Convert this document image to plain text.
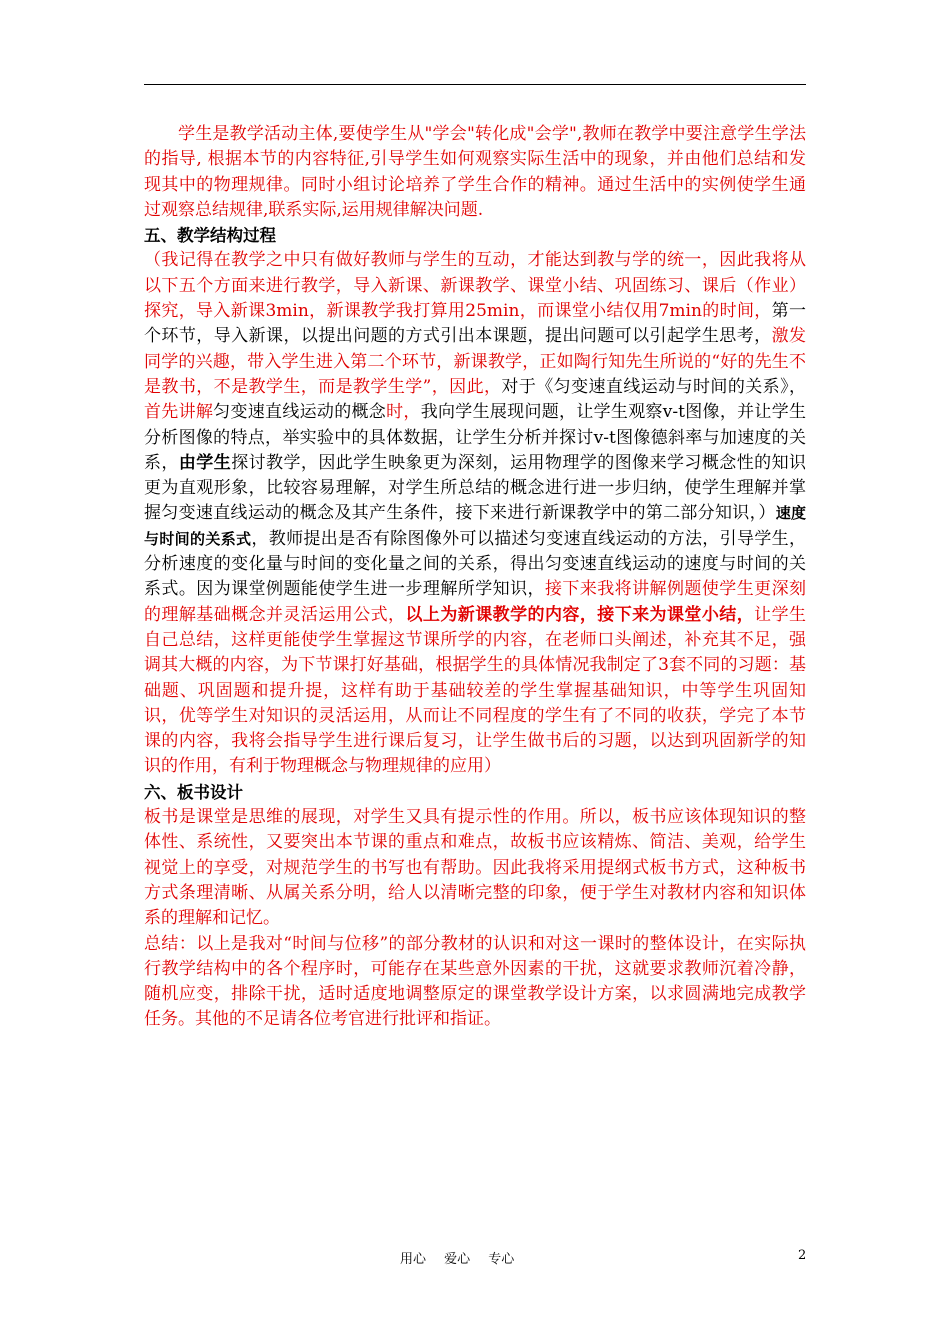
学生是教学活动主体,要使学生从"学会"转化成"会学",教师在教学中要注意学生学法的指导, 根据本节的内容特征,引导学生如何观察实际生活中的现象，并由他们总结和发现其中的物理规律。同时小组讨论培养了学生合作的精神。通过生活中的实例使学生通过观察总结规律,联系实际,运用规律解决问题.

五、教学结构过程

（我记得在教学之中只有做好教师与学生的互动，才能达到教与学的统一，因此我将从以下五个方面来进行教学，导入新课、新课教学、课堂小结、巩固练习、课后（作业）探究，导入新课3min，新课教学我打算用25min，而课堂小结仅用7min的时间，第一个环节，导入新课，以提出问题的方式引出本课题，提出问题可以引起学生思考，激发同学的兴趣，带入学生进入第二个环节，新课教学，正如陶行知先生所说的“好的先生不是教书，不是教学生，而是教学生学”，因此，对于《匀变速直线运动与时间的关系》，首先讲解匀变速直线运动的概念时，我向学生展现问题，让学生观察v-t图像，并让学生分析图像的特点，举实验中的具体数据，让学生分析并探讨v-t图像德斜率与加速度的关系，由学生探讨教学，因此学生映象更为深刻，运用物理学的图像来学习概念性的知识更为直观形象，比较容易理解，对学生所总结的概念进行进一步归纳，使学生理解并掌握匀变速直线运动的概念及其产生条件，接下来进行新课教学中的第二部分知识，）速度与时间的关系式，教师提出是否有除图像外可以描述匀变速直线运动的方法，引导学生，分析速度的变化量与时间的变化量之间的关系，得出匀变速直线运动的速度与时间的关系式。因为课堂例题能使学生进一步理解所学知识，接下来我将讲解例题使学生更深刻的理解基础概念并灵活运用公式，以上为新课教学的内容，接下来为课堂小结，让学生自己总结，这样更能使学生掌握这节课所学的内容，在老师口头阐述，补充其不足，强调其大概的内容，为下节课打好基础，根据学生的具体情况我制定了3套不同的习题：基础题、巩固题和提升提，这样有助于基础较差的学生掌握基础知识，中等学生巩固知识，优等学生对知识的灵活运用，从而让不同程度的学生有了不同的收获，学完了本节课的内容，我将会指导学生进行课后复习，让学生做书后的习题，以达到巩固新学的知识的作用，有利于物理概念与物理规律的应用）

六、板书设计

板书是课堂是思维的展现，对学生又具有提示性的作用。所以，板书应该体现知识的整体性、系统性，又要突出本节课的重点和难点，故板书应该精炼、简洁、美观，给学生视觉上的享受，对规范学生的书写也有帮助。因此我将采用提纲式板书方式，这种板书方式条理清晰、从属关系分明，给人以清晰完整的印象，便于学生对教材内容和知识体系的理解和记忆。

总结：以上是我对“时间与位移”的部分教材的认识和对这一课时的整体设计，在实际执行教学结构中的各个程序时，可能存在某些意外因素的干扰，这就要求教师沉着冷静，随机应变，排除干扰，适时适度地调整原定的课堂教学设计方案，以求圆满地完成教学任务。其他的不足请各位考官进行批评和指证。

用心 爱心 专心	2
